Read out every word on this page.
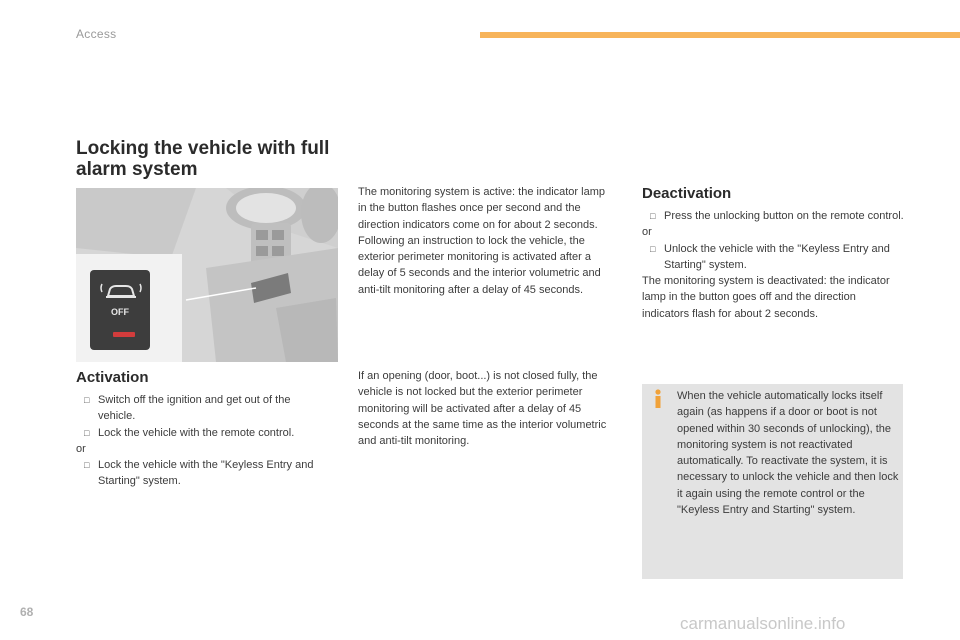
Access
Locking the vehicle with full alarm system
OFF
Activation

□ Switch off the ignition and get out of the vehicle.

□ Lock the vehicle with the remote control.

or

□ Lock the vehicle with the "Keyless Entry and Starting" system.

The monitoring system is active: the indicator lamp in the button flashes once per second and the direction indicators come on for about 2 seconds.

Following an instruction to lock the vehicle, the exterior perimeter monitoring is activated after a delay of 5 seconds and the interior volumetric and anti-tilt monitoring after a delay of 45 seconds.

If an opening (door, boot...) is not closed fully, the vehicle is not locked but the exterior perimeter monitoring will be activated after a delay of 45 seconds at the same time as the interior volumetric and anti-tilt monitoring.

Deactivation

□ Press the unlocking button on the remote control.

or

□ Unlock the vehicle with the "Keyless Entry and Starting" system.

The monitoring system is deactivated: the indicator lamp in the button goes off and the direction indicators flash for about 2 seconds.

When the vehicle automatically locks itself again (as happens if a door or boot is not opened within 30 seconds of unlocking), the monitoring system is not reactivated automatically. To reactivate the system, it is necessary to unlock the vehicle and then lock it again using the remote control or the "Keyless Entry and Starting" system.

68
carmanualsonline.info
